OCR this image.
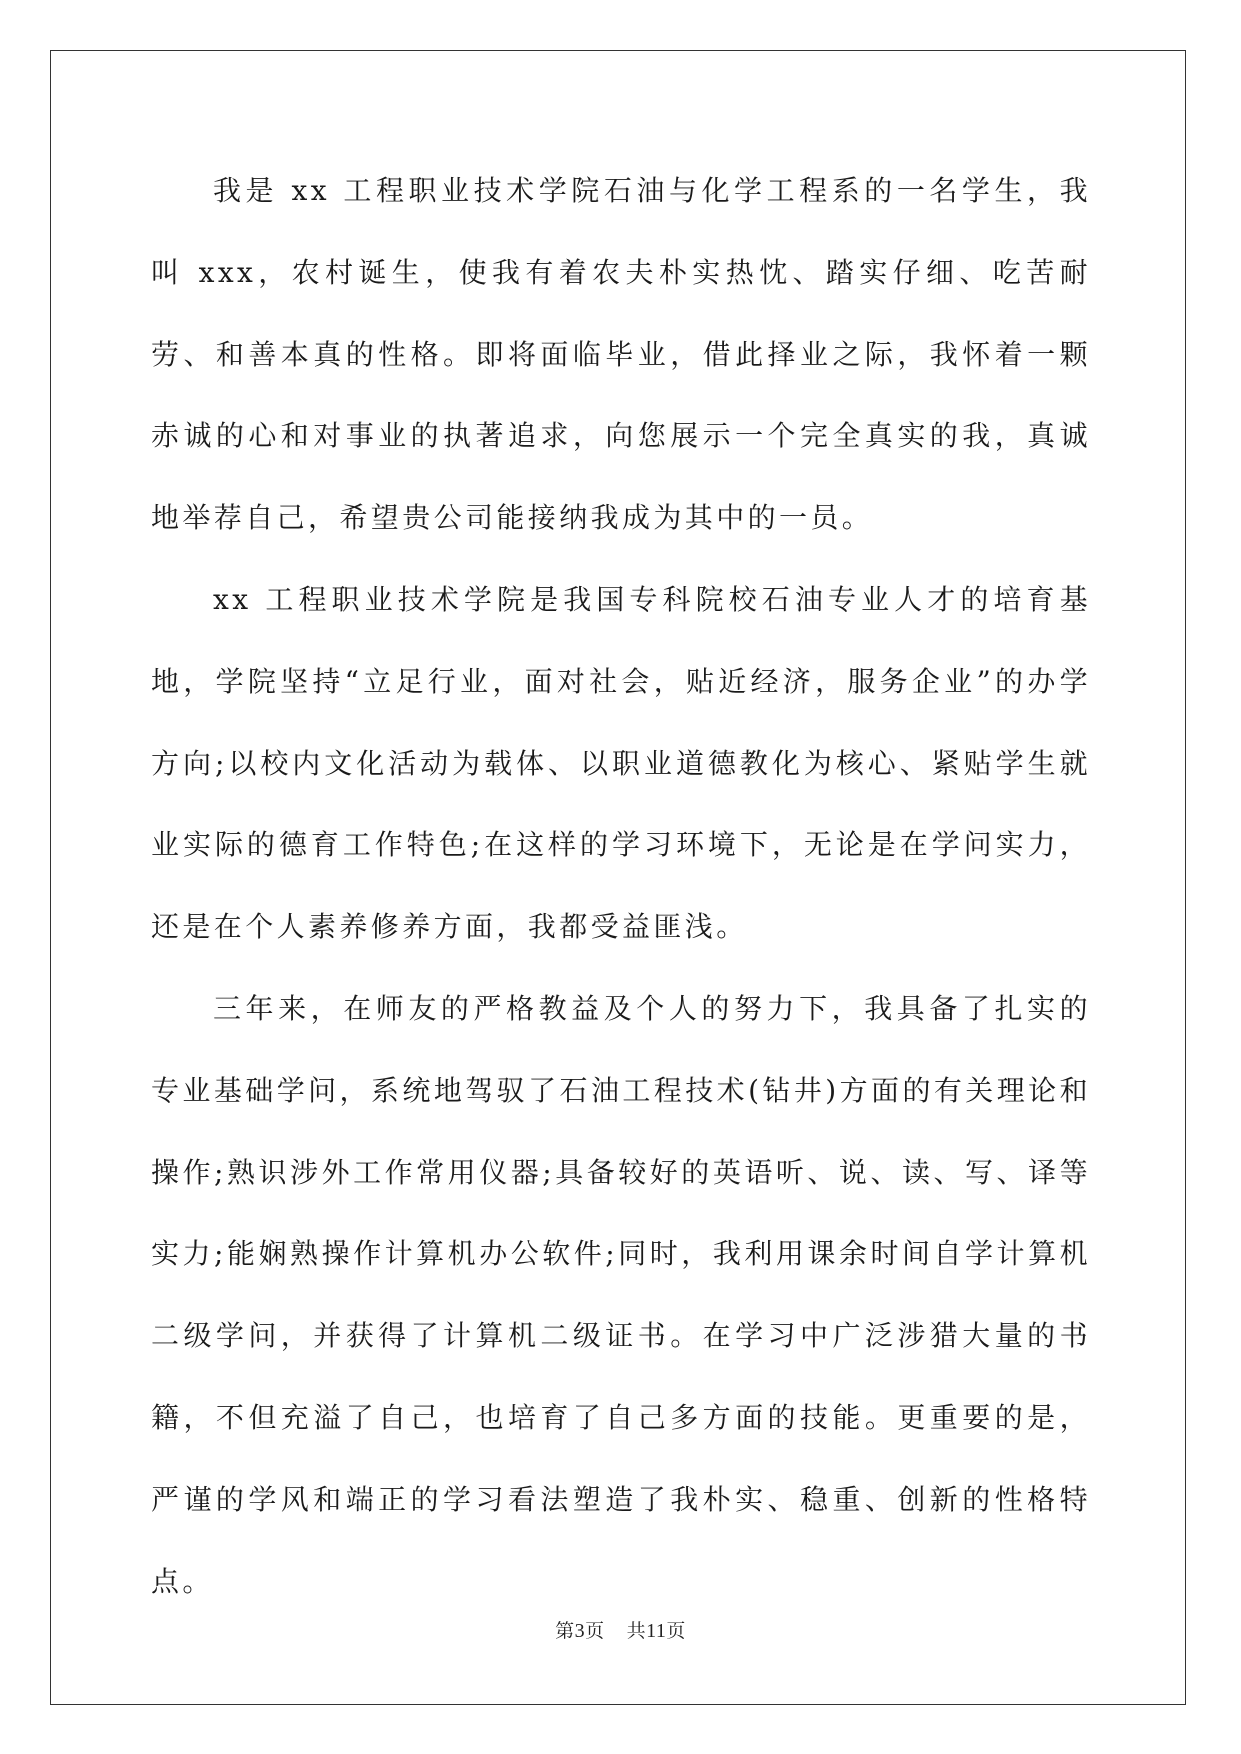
我是 xx 工程职业技术学院石油与化学工程系的一名学生，我叫 xxx，农村诞生，使我有着农夫朴实热忱、踏实仔细、吃苦耐劳、和善本真的性格。即将面临毕业，借此择业之际，我怀着一颗赤诚的心和对事业的执著追求，向您展示一个完全真实的我，真诚地举荐自己，希望贵公司能接纳我成为其中的一员。

xx 工程职业技术学院是我国专科院校石油专业人才的培育基地，学院坚持“立足行业，面对社会，贴近经济，服务企业”的办学方向;以校内文化活动为载体、以职业道德教化为核心、紧贴学生就业实际的德育工作特色;在这样的学习环境下，无论是在学问实力，还是在个人素养修养方面，我都受益匪浅。

三年来，在师友的严格教益及个人的努力下，我具备了扎实的专业基础学问，系统地驾驭了石油工程技术(钻井)方面的有关理论和操作;熟识涉外工作常用仪器;具备较好的英语听、说、读、写、译等实力;能娴熟操作计算机办公软件;同时，我利用课余时间自学计算机二级学问，并获得了计算机二级证书。在学习中广泛涉猎大量的书籍，不但充溢了自己，也培育了自己多方面的技能。更重要的是，严谨的学风和端正的学习看法塑造了我朴实、稳重、创新的性格特点。

第3页 共11页
